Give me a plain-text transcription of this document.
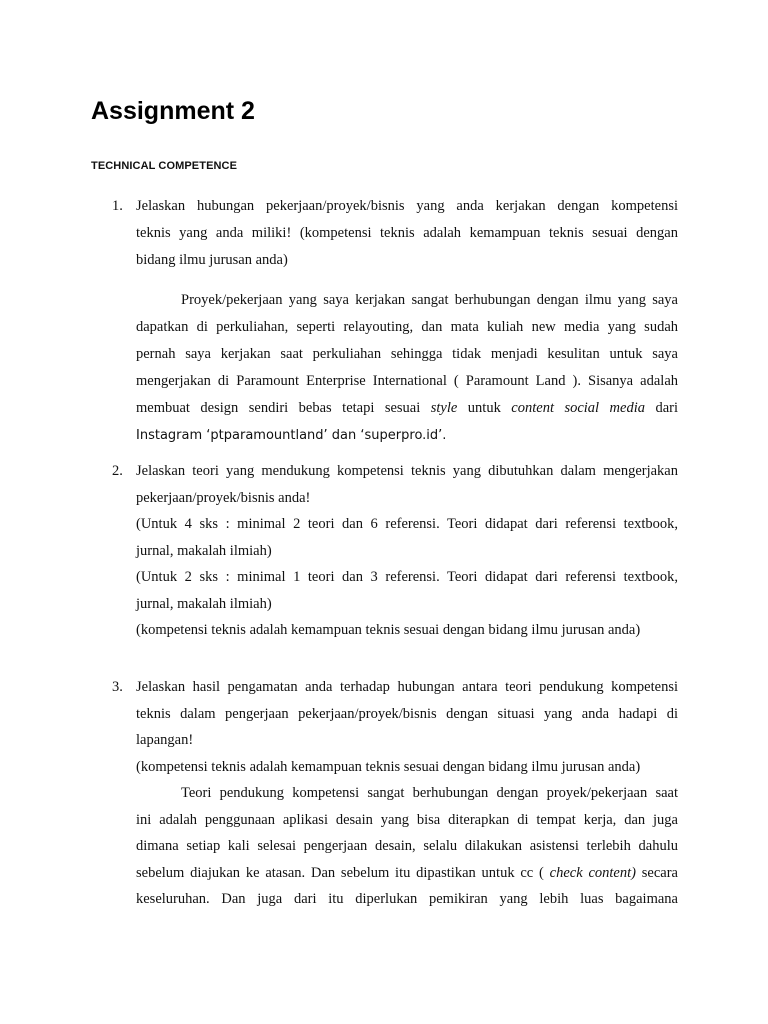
Assignment 2
TECHNICAL COMPETENCE
1. Jelaskan hubungan pekerjaan/proyek/bisnis yang anda kerjakan dengan kompetensi

teknis yang anda miliki! (kompetensi teknis adalah kemampuan teknis sesuai dengan

bidang ilmu jurusan anda)

Proyek/pekerjaan yang saya kerjakan sangat berhubungan dengan ilmu yang saya

dapatkan di perkuliahan, seperti relayouting, dan mata kuliah new media yang sudah

pernah saya kerjakan saat perkuliahan sehingga tidak menjadi kesulitan untuk saya

mengerjakan di Paramount Enterprise International ( Paramount Land ). Sisanya adalah

membuat design sendiri bebas tetapi sesuai style untuk content social media dari

Instagram ‘ptparamountland’ dan ‘superpro.id’.

2. Jelaskan teori yang mendukung kompetensi teknis yang dibutuhkan dalam mengerjakan

pekerjaan/proyek/bisnis anda!

(Untuk 4 sks : minimal 2 teori dan 6 referensi. Teori didapat dari referensi textbook,

jurnal, makalah ilmiah)

(Untuk 2 sks : minimal 1 teori dan 3 referensi. Teori didapat dari referensi textbook,

jurnal, makalah ilmiah)

(kompetensi teknis adalah kemampuan teknis sesuai dengan bidang ilmu jurusan anda)

3. Jelaskan hasil pengamatan anda terhadap hubungan antara teori pendukung kompetensi

teknis dalam pengerjaan pekerjaan/proyek/bisnis dengan situasi yang anda hadapi di

lapangan!

(kompetensi teknis adalah kemampuan teknis sesuai dengan bidang ilmu jurusan anda)

Teori pendukung kompetensi sangat berhubungan dengan proyek/pekerjaan saat

ini adalah penggunaan aplikasi desain yang bisa diterapkan di tempat kerja, dan juga

dimana setiap kali selesai pengerjaan desain, selalu dilakukan asistensi terlebih dahulu

sebelum diajukan ke atasan. Dan sebelum itu dipastikan untuk cc ( check content) secara

keseluruhan. Dan juga dari itu diperlukan pemikiran yang lebih luas bagaimana
